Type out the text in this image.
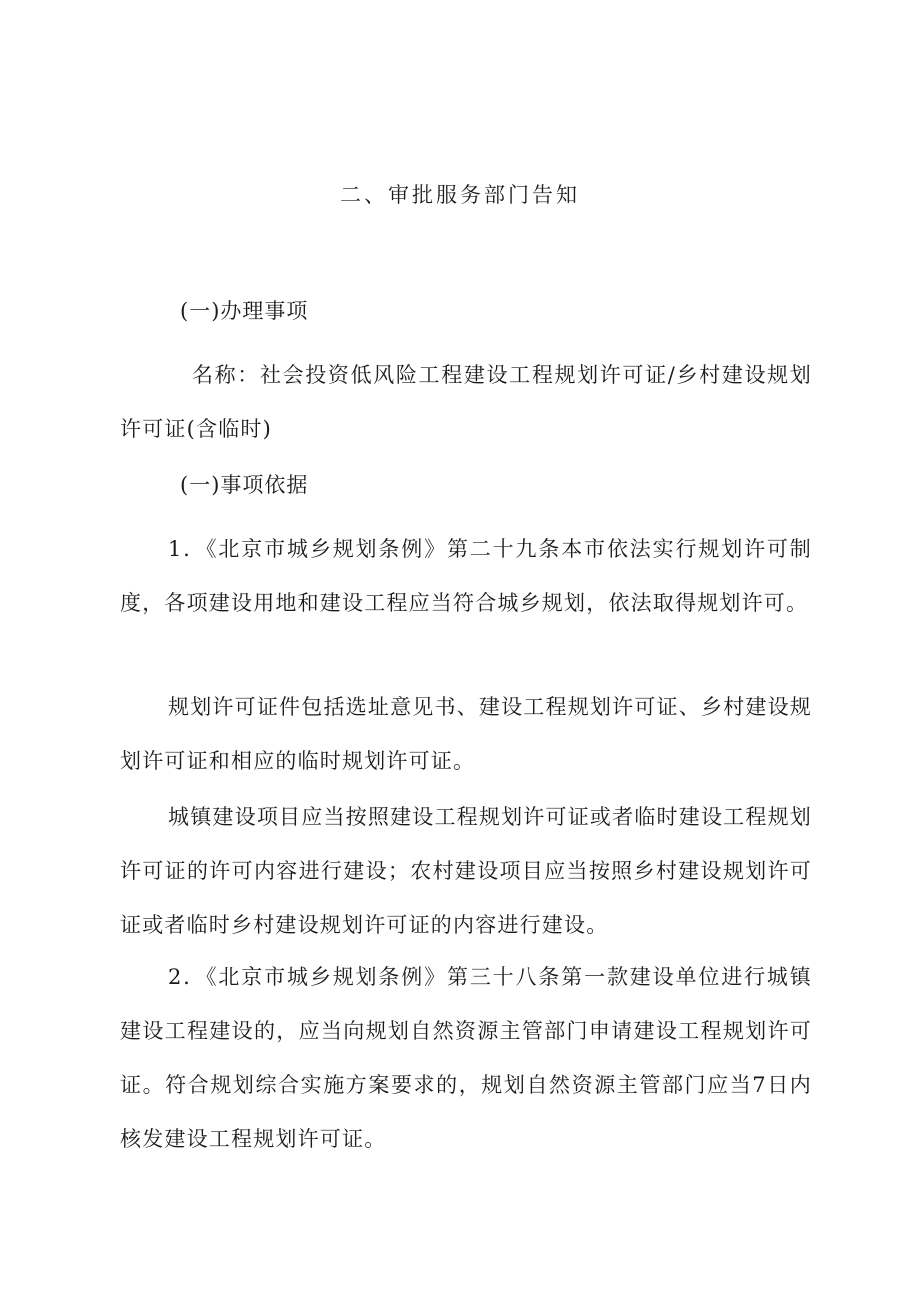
二、审批服务部门告知
(一)办理事项
名称：社会投资低风险工程建设工程规划许可证/乡村建设规划许可证(含临时)
(一)事项依据
1．《北京市城乡规划条例》第二十九条本市依法实行规划许可制度，各项建设用地和建设工程应当符合城乡规划，依法取得规划许可。
规划许可证件包括选址意见书、建设工程规划许可证、乡村建设规划许可证和相应的临时规划许可证。
城镇建设项目应当按照建设工程规划许可证或者临时建设工程规划许可证的许可内容进行建设；农村建设项目应当按照乡村建设规划许可证或者临时乡村建设规划许可证的内容进行建设。
2．《北京市城乡规划条例》第三十八条第一款建设单位进行城镇建设工程建设的，应当向规划自然资源主管部门申请建设工程规划许可证。符合规划综合实施方案要求的，规划自然资源主管部门应当7日内核发建设工程规划许可证。
